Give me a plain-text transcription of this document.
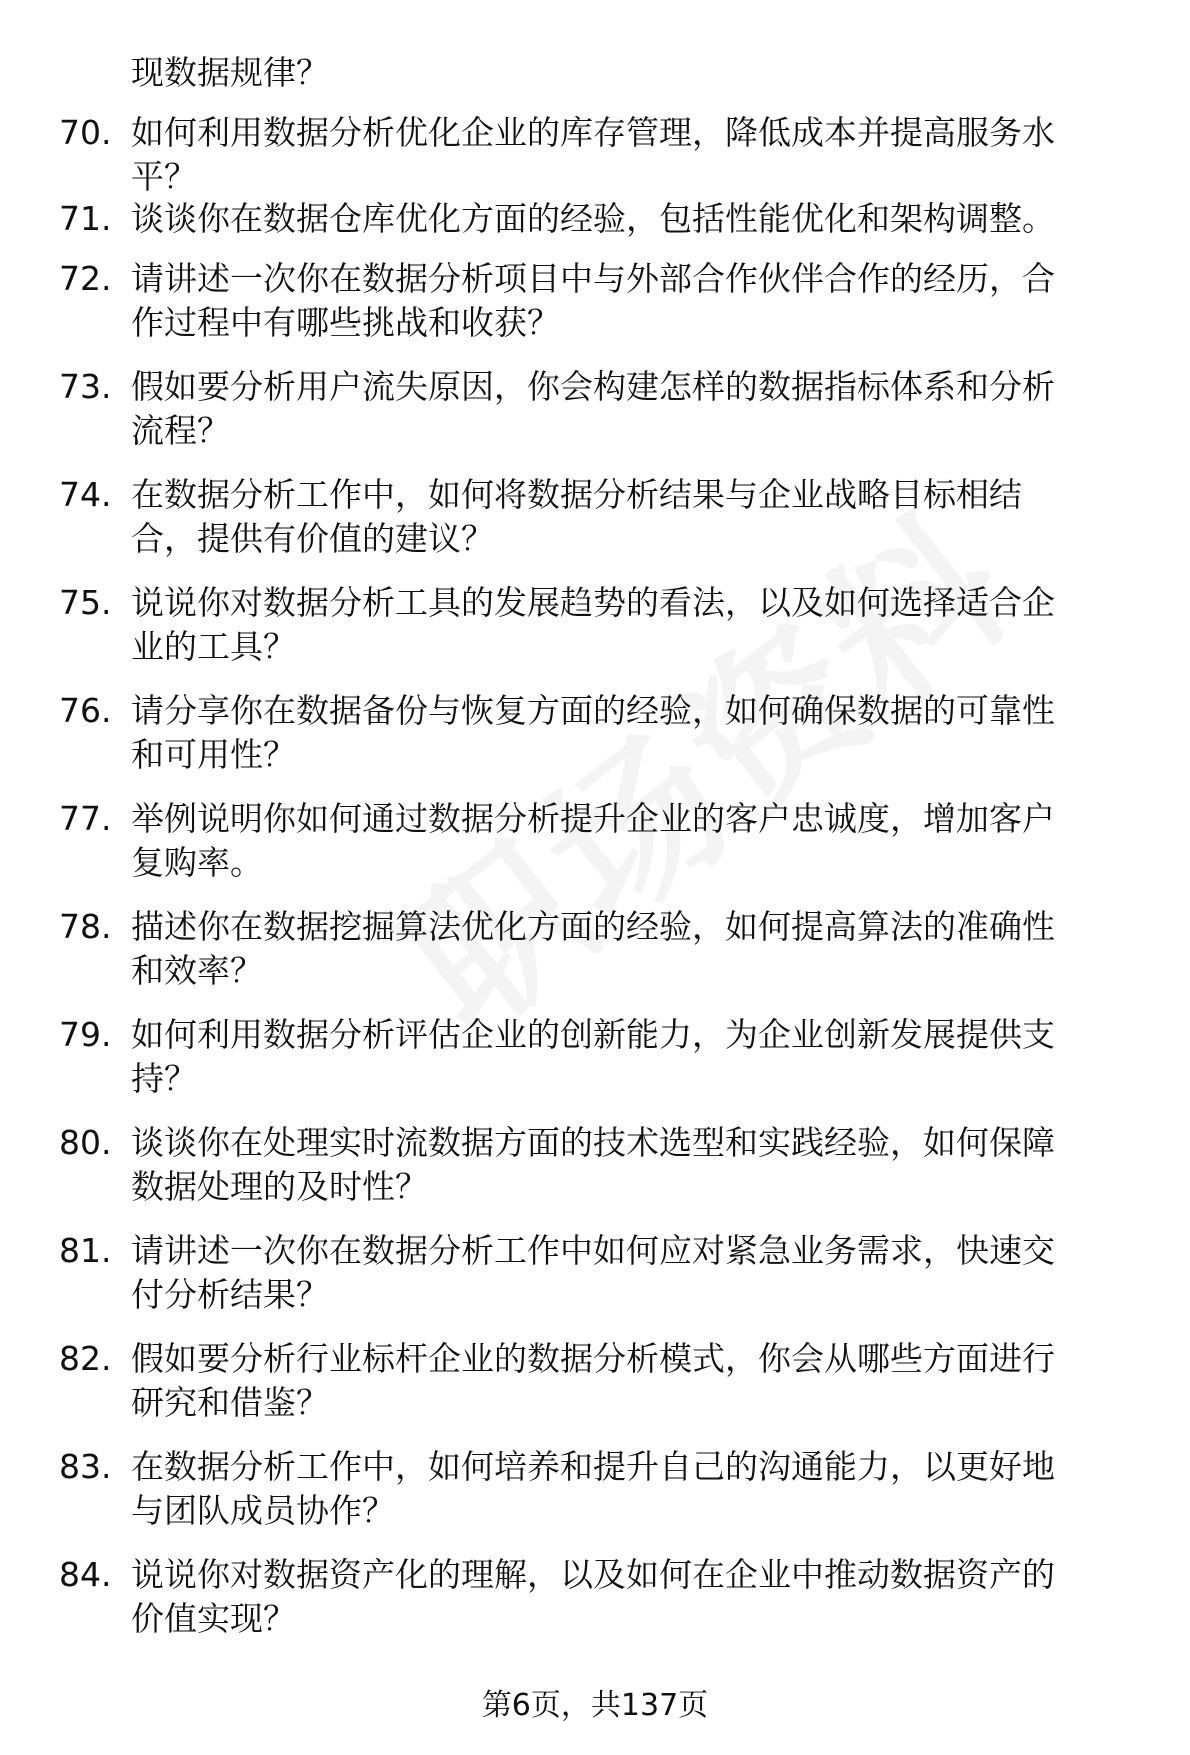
现数据规律？
70. 如何利用数据分析优化企业的库存管理，降低成本并提高服务水
平？
71. 谈谈你在数据仓库优化方面的经验，包括性能优化和架构调整。
72. 请讲述一次你在数据分析项目中与外部合作伙伴合作的经历，合
作过程中有哪些挑战和收获？
73. 假如要分析用户流失原因，你会构建怎样的数据指标体系和分析
流程？
74. 在数据分析工作中，如何将数据分析结果与企业战略目标相结
合，提供有价值的建议？
75. 说说你对数据分析工具的发展趋势的看法，以及如何选择适合企
业的工具？
76. 请分享你在数据备份与恢复方面的经验，如何确保数据的可靠性
和可用性？
77. 举例说明你如何通过数据分析提升企业的客户忠诚度，增加客户
复购率。
78. 描述你在数据挖掘算法优化方面的经验，如何提高算法的准确性
和效率？
79. 如何利用数据分析评估企业的创新能力，为企业创新发展提供支
持？
80. 谈谈你在处理实时流数据方面的技术选型和实践经验，如何保障
数据处理的及时性？
81. 请讲述一次你在数据分析工作中如何应对紧急业务需求，快速交
付分析结果？
82. 假如要分析行业标杆企业的数据分析模式，你会从哪些方面进行
研究和借鉴？
83. 在数据分析工作中，如何培养和提升自己的沟通能力，以更好地
与团队成员协作？
84. 说说你对数据资产化的理解，以及如何在企业中推动数据资产的
价值实现？
第6页，共137页
